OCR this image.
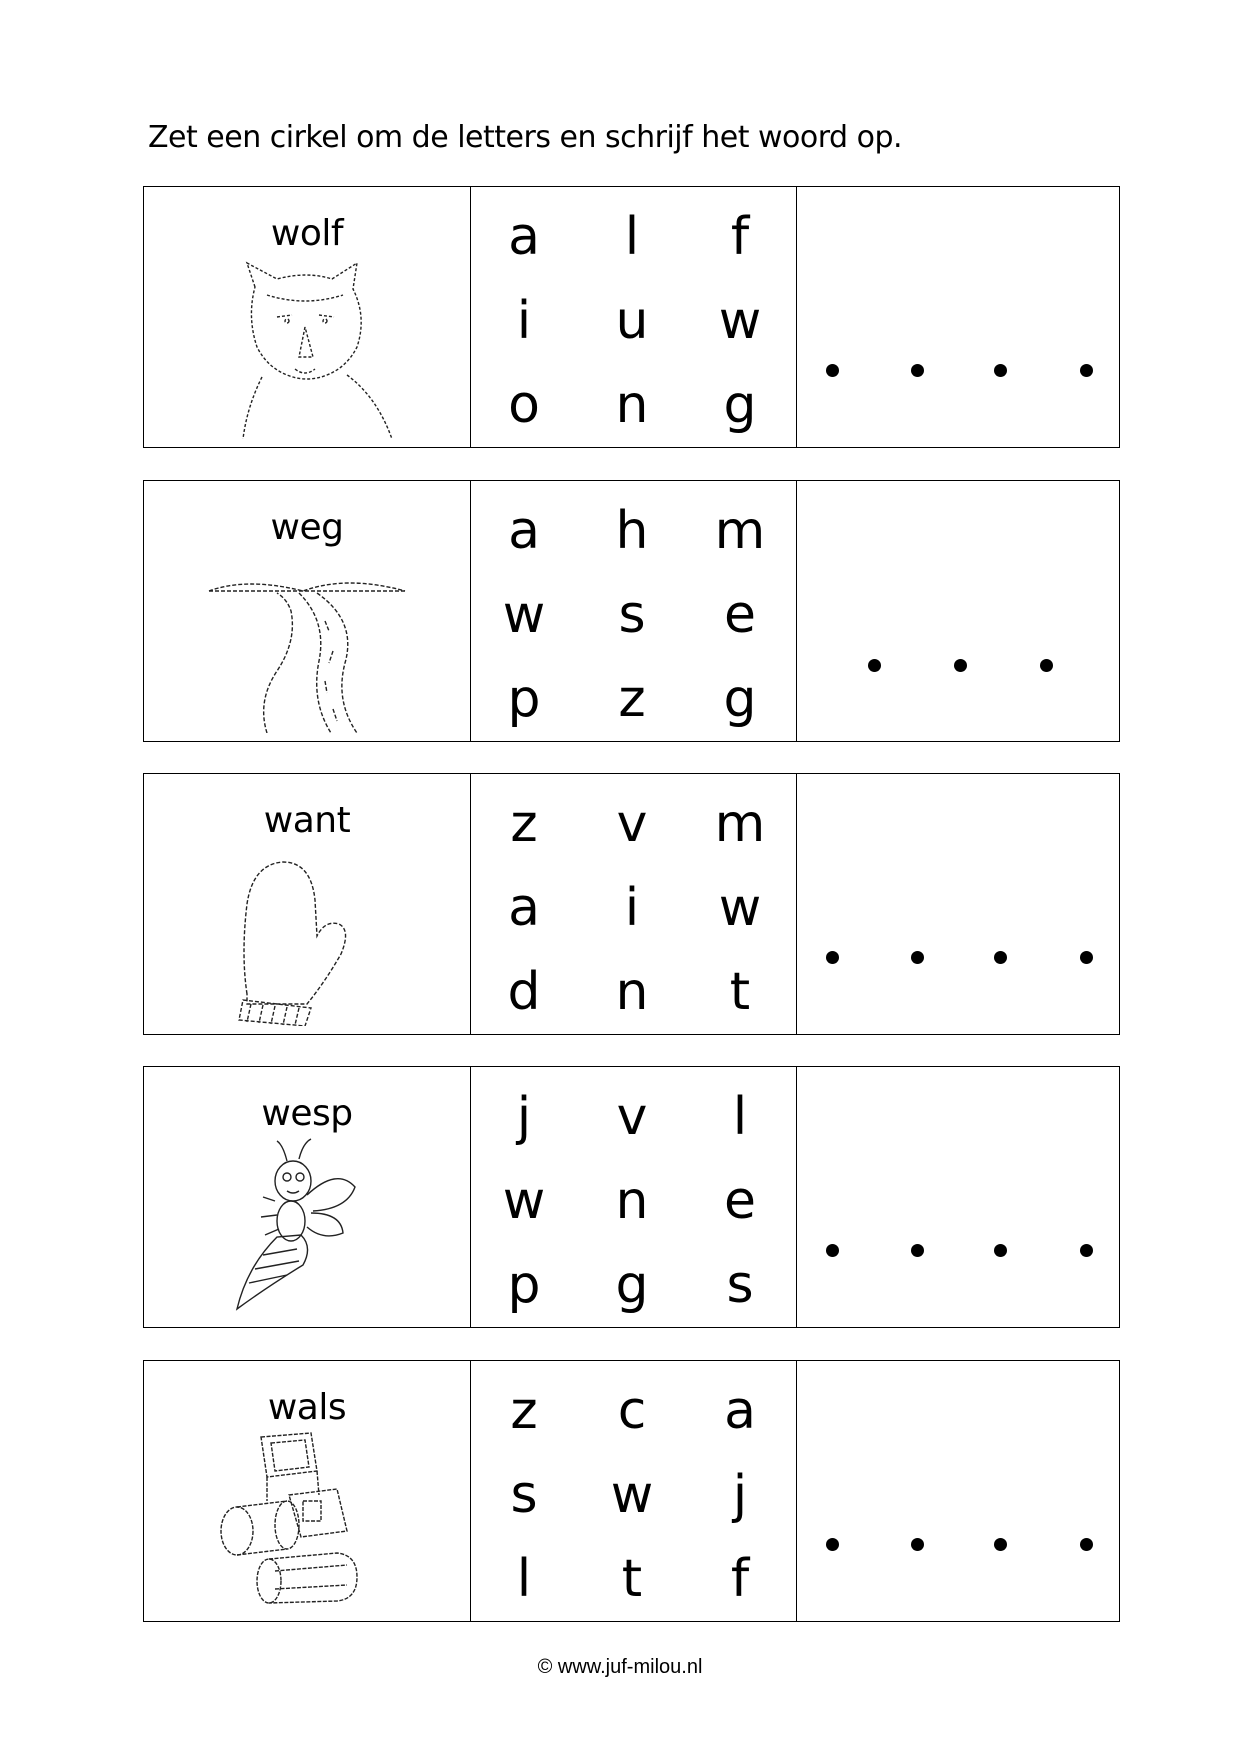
Zet een cirkel om de letters en schrijf het woord op.
wolf	a	l	f
i	u w
o n g
weg	a h m
w	s	e
p	z	g
want	z	v m
a	i	w
d n	t
wesp	j	v	l
w n e
p g	s
wals	z	c	a
s	w	j
l	t	f
© www.juf-milou.nl
